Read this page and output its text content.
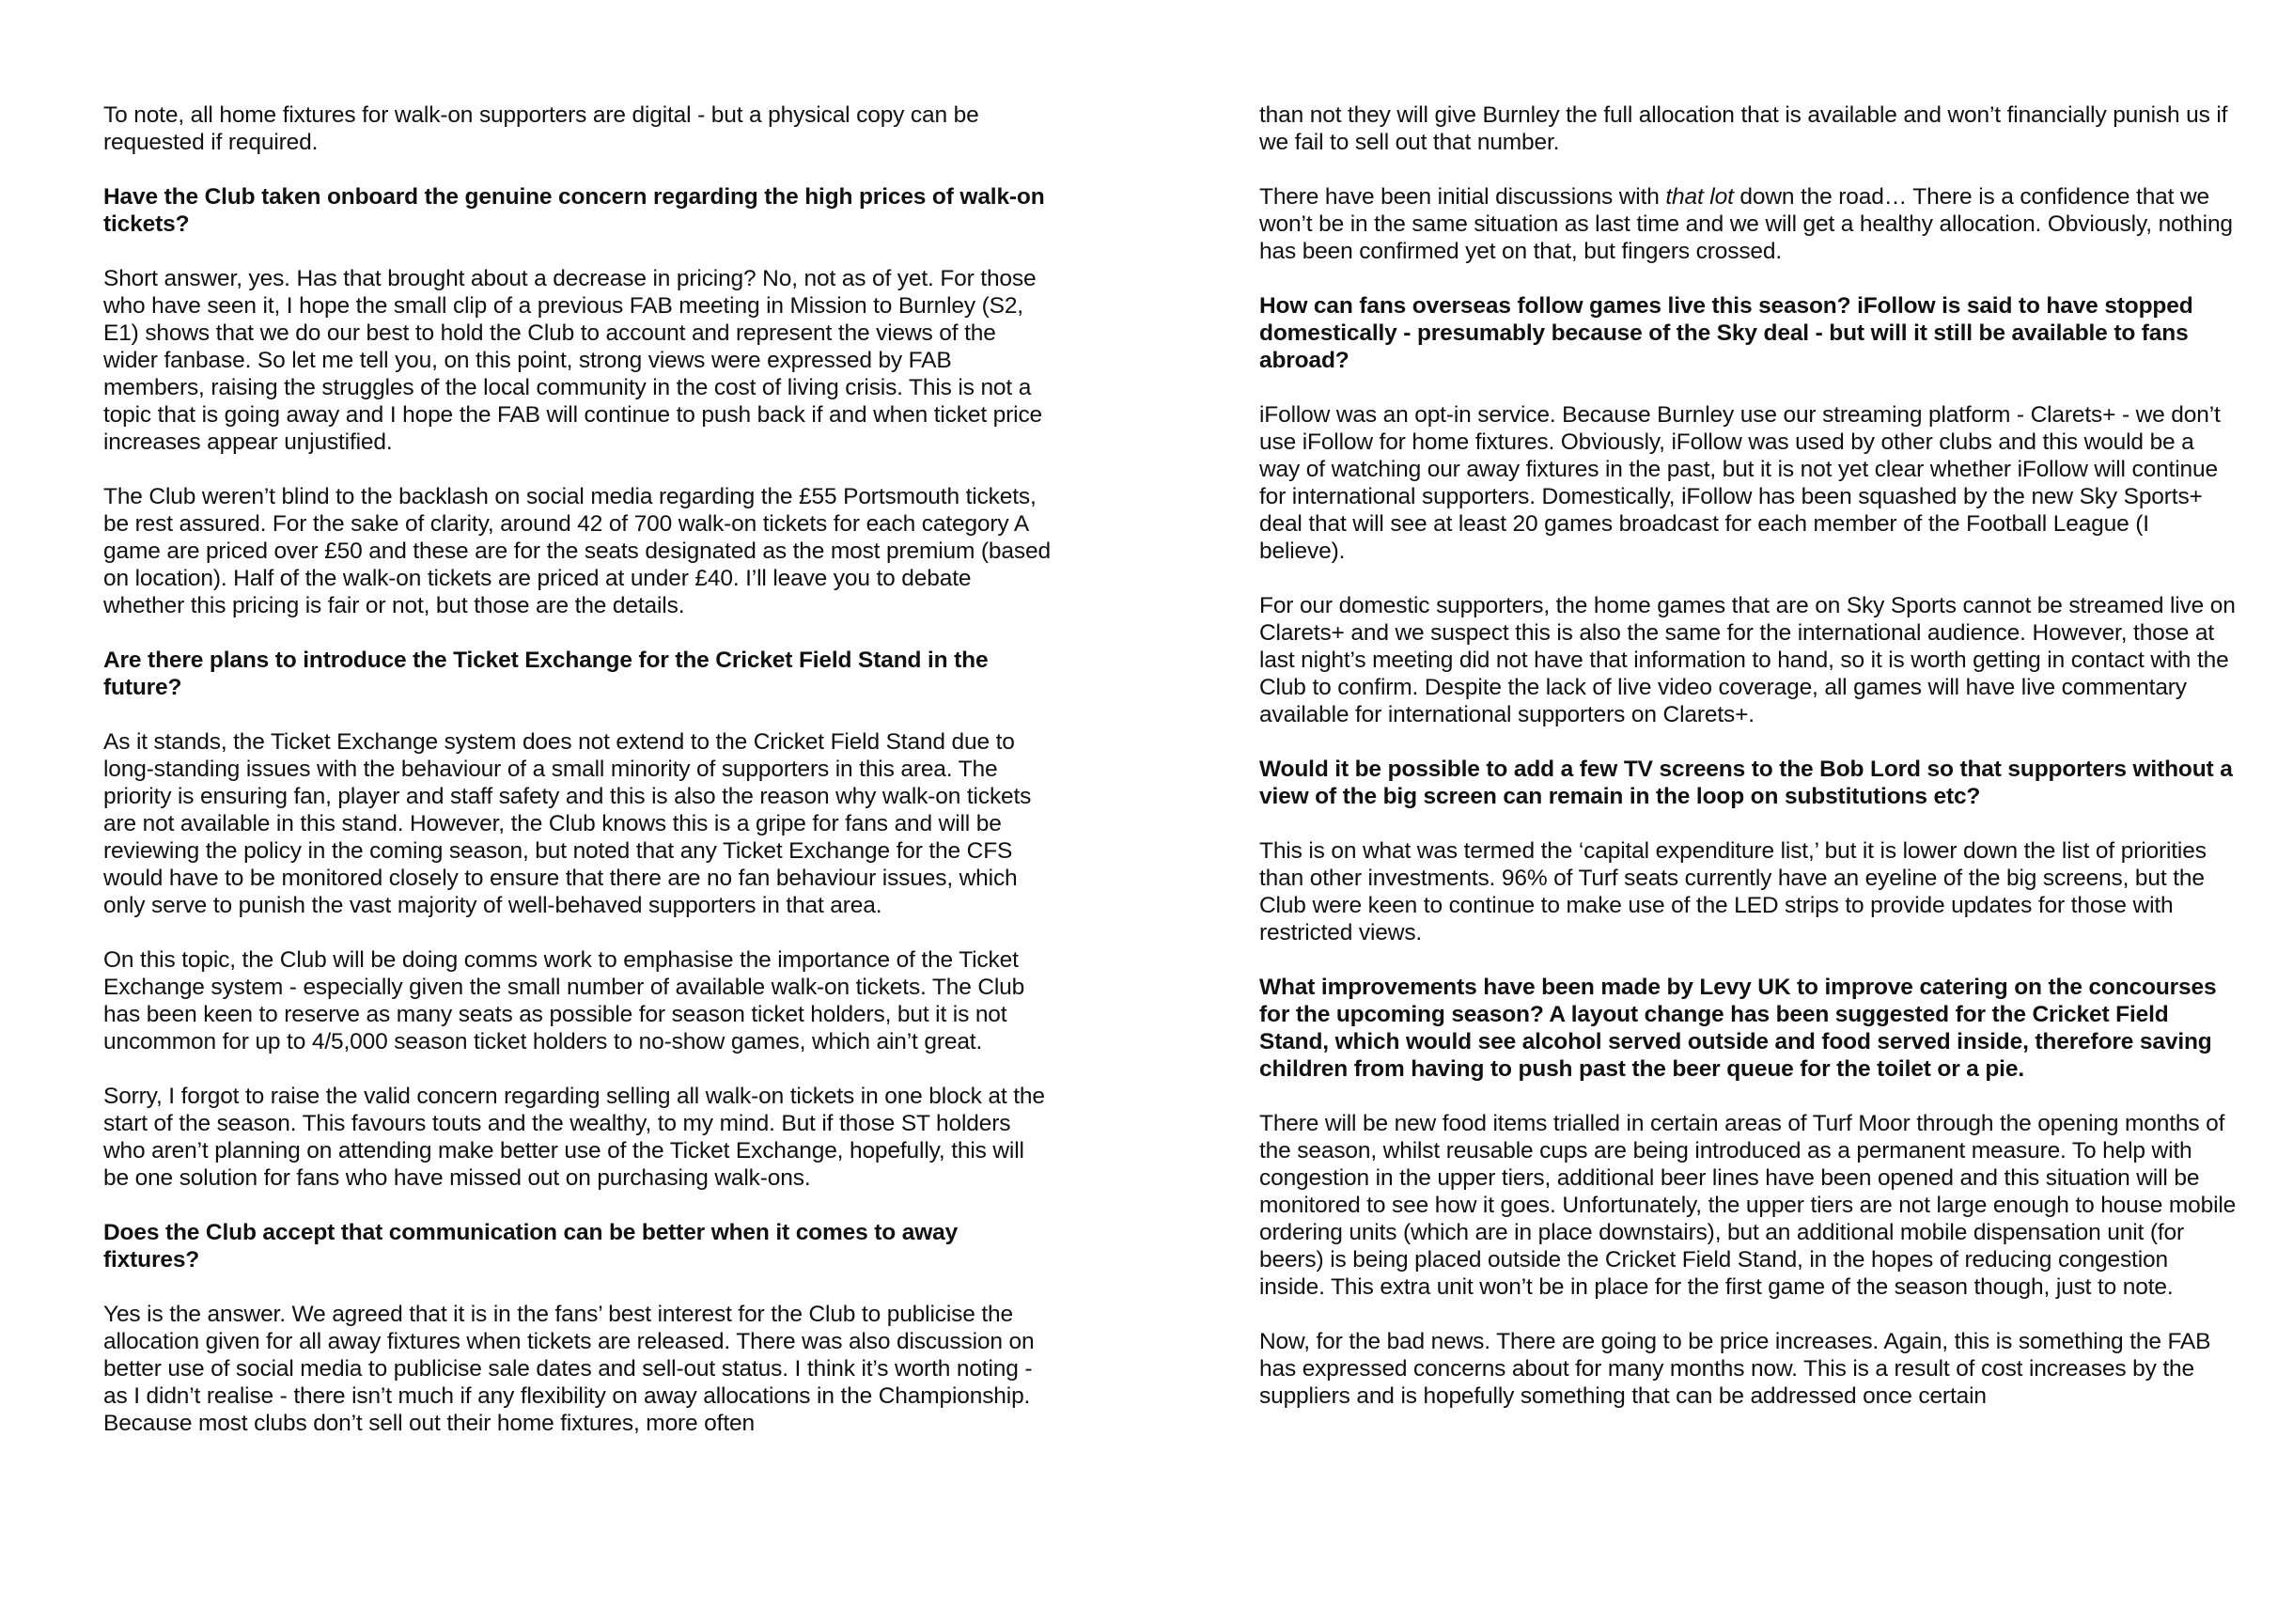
To note, all home fixtures for walk-on supporters are digital - but a physical copy can be requested if required.

Have the Club taken onboard the genuine concern regarding the high prices of walk-on tickets?

Short answer, yes. Has that brought about a decrease in pricing? No, not as of yet. For those who have seen it, I hope the small clip of a previous FAB meeting in Mission to Burnley (S2, E1) shows that we do our best to hold the Club to account and represent the views of the wider fanbase. So let me tell you, on this point, strong views were expressed by FAB members, raising the struggles of the local community in the cost of living crisis. This is not a topic that is going away and I hope the FAB will continue to push back if and when ticket price increases appear unjustified.

The Club weren’t blind to the backlash on social media regarding the £55 Portsmouth tickets, be rest assured. For the sake of clarity, around 42 of 700 walk-on tickets for each category A game are priced over £50 and these are for the seats designated as the most premium (based on location). Half of the walk-on tickets are priced at under £40. I’ll leave you to debate whether this pricing is fair or not, but those are the details.

Are there plans to introduce the Ticket Exchange for the Cricket Field Stand in the future?

As it stands, the Ticket Exchange system does not extend to the Cricket Field Stand due to long-standing issues with the behaviour of a small minority of supporters in this area. The priority is ensuring fan, player and staff safety and this is also the reason why walk-on tickets are not available in this stand. However, the Club knows this is a gripe for fans and will be reviewing the policy in the coming season, but noted that any Ticket Exchange for the CFS would have to be monitored closely to ensure that there are no fan behaviour issues, which only serve to punish the vast majority of well-behaved supporters in that area.

On this topic, the Club will be doing comms work to emphasise the importance of the Ticket Exchange system - especially given the small number of available walk-on tickets. The Club has been keen to reserve as many seats as possible for season ticket holders, but it is not uncommon for up to 4/5,000 season ticket holders to no-show games, which ain’t great.

Sorry, I forgot to raise the valid concern regarding selling all walk-on tickets in one block at the start of the season. This favours touts and the wealthy, to my mind. But if those ST holders who aren’t planning on attending make better use of the Ticket Exchange, hopefully, this will be one solution for fans who have missed out on purchasing walk-ons.

Does the Club accept that communication can be better when it comes to away fixtures?

Yes is the answer. We agreed that it is in the fans’ best interest for the Club to publicise the allocation given for all away fixtures when tickets are released. There was also discussion on better use of social media to publicise sale dates and sell-out status. I think it’s worth noting - as I didn’t realise - there isn’t much if any flexibility on away allocations in the Championship. Because most clubs don’t sell out their home fixtures, more often

than not they will give Burnley the full allocation that is available and won’t financially punish us if we fail to sell out that number.

There have been initial discussions with that lot down the road… There is a confidence that we won’t be in the same situation as last time and we will get a healthy allocation. Obviously, nothing has been confirmed yet on that, but fingers crossed.

How can fans overseas follow games live this season? iFollow is said to have stopped domestically - presumably because of the Sky deal - but will it still be available to fans abroad?

iFollow was an opt-in service. Because Burnley use our streaming platform - Clarets+ - we don’t use iFollow for home fixtures. Obviously, iFollow was used by other clubs and this would be a way of watching our away fixtures in the past, but it is not yet clear whether iFollow will continue for international supporters. Domestically, iFollow has been squashed by the new Sky Sports+ deal that will see at least 20 games broadcast for each member of the Football League (I believe).

For our domestic supporters, the home games that are on Sky Sports cannot be streamed live on Clarets+ and we suspect this is also the same for the international audience. However, those at last night’s meeting did not have that information to hand, so it is worth getting in contact with the Club to confirm. Despite the lack of live video coverage, all games will have live commentary available for international supporters on Clarets+.

Would it be possible to add a few TV screens to the Bob Lord so that supporters without a view of the big screen can remain in the loop on substitutions etc?

This is on what was termed the ‘capital expenditure list,’ but it is lower down the list of priorities than other investments. 96% of Turf seats currently have an eyeline of the big screens, but the Club were keen to continue to make use of the LED strips to provide updates for those with restricted views.

What improvements have been made by Levy UK to improve catering on the concourses for the upcoming season? A layout change has been suggested for the Cricket Field Stand, which would see alcohol served outside and food served inside, therefore saving children from having to push past the beer queue for the toilet or a pie.

There will be new food items trialled in certain areas of Turf Moor through the opening months of the season, whilst reusable cups are being introduced as a permanent measure. To help with congestion in the upper tiers, additional beer lines have been opened and this situation will be monitored to see how it goes. Unfortunately, the upper tiers are not large enough to house mobile ordering units (which are in place downstairs), but an additional mobile dispensation unit (for beers) is being placed outside the Cricket Field Stand, in the hopes of reducing congestion inside. This extra unit won’t be in place for the first game of the season though, just to note.

Now, for the bad news. There are going to be price increases. Again, this is something the FAB has expressed concerns about for many months now. This is a result of cost increases by the suppliers and is hopefully something that can be addressed once certain
